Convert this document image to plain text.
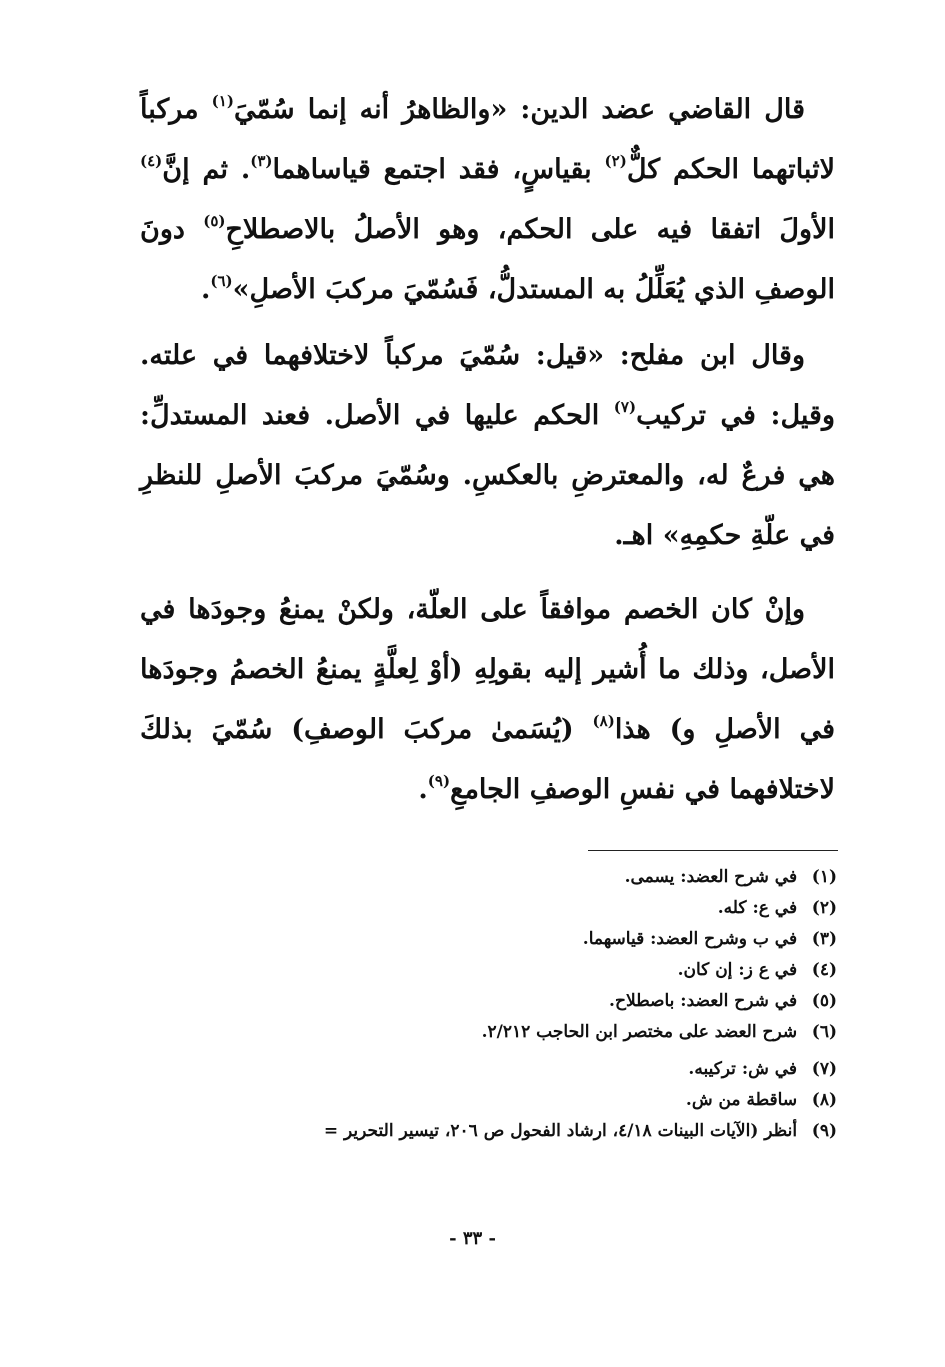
قال القاضي عضد الدين: «والظاهرُ أنه إنما سُمّيَ$^{(١)}$ مركباً لاثباتهما الحكم كلٌّ$^{(٢)}$ بقياسٍ، فقد اجتمع قياساهما$^{(٣)}$. ثم إنَّ$^{(٤)}$ الأولَ اتفقا فيه على الحكم، وهو الأصلُ بالاصطلاحِ$^{(٥)}$ دونَ الوصفِ الذي يُعَلِّلُ به المستدلُّ، فَسُمّيَ مركبَ الأصلِ»$^{(٦)}$.

وقال ابن مفلح: «قيل: سُمّيَ مركباً لاختلافهما في علته. وقيل: في تركيب$^{(٧)}$ الحكم عليها في الأصل. فعند المستدلِّ: هي فرعٌ له، والمعترضِ بالعكسِ. وسُمّيَ مركبَ الأصلِ للنظرِ في علّةِ حكمِهِ» اهـ.

وإنْ كان الخصم موافقاً على العلّة، ولكنْ يمنعُ وجودَها في الأصل، وذلك ما أُشير إليه بقولِهِ (أوْ لِعلَّةٍ يمنعُ الخصمُ وجودَها في الأصلِ و) هذا$^{(٨)}$ (يُسَمىٰ مركبَ الوصفِ) سُمّيَ بذلكَ لاختلافهما في نفسِ الوصفِ الجامعِ$^{(٩)}$.

(١) في شرح العضد: يسمى.
(٢) في ع: كله.
(٣) في ب وشرح العضد: قياسهما.
(٤) في ع ز: إن كان.
(٥) في شرح العضد: باصطلاح.
(٦) شرح العضد على مختصر ابن الحاجب ٢/٢١٢.
(٧) في ش: تركيبه.
(٨) ساقطة من ش.
(٩) أنظر (الآيات البينات ٤/١٨، ارشاد الفحول ص ٢٠٦، تيسير التحرير =
- ٣٣ -
